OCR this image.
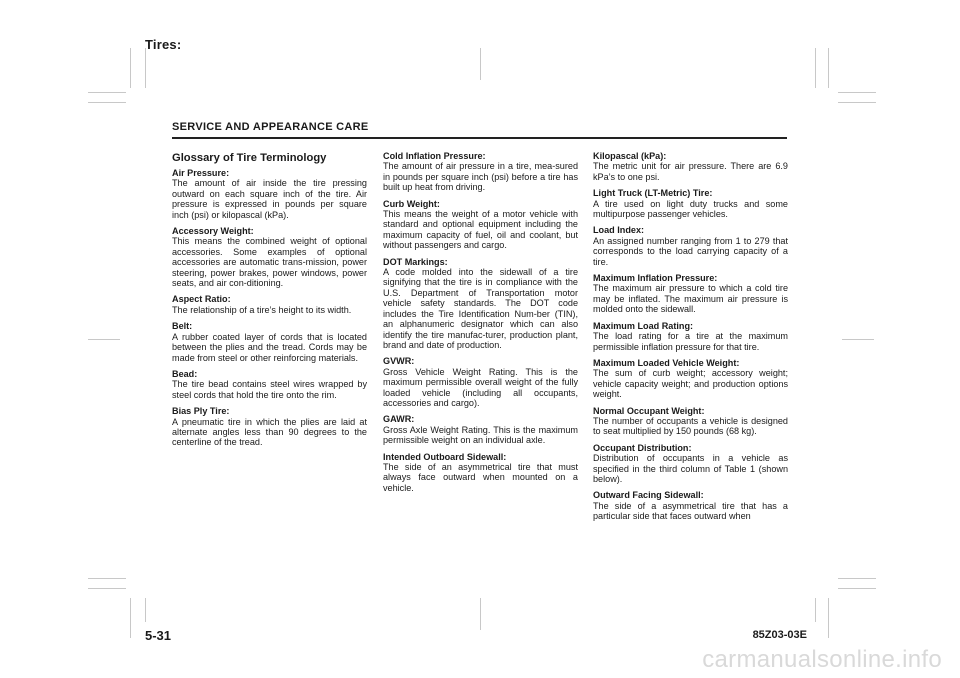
Tires:
SERVICE AND APPEARANCE CARE
Glossary of Tire Terminology
Air Pressure:
The amount of air inside the tire pressing outward on each square inch of the tire. Air pressure is expressed in pounds per square inch (psi) or kilopascal (kPa).
Accessory Weight:
This means the combined weight of optional accessories. Some examples of optional accessories are automatic trans-mission, power steering, power brakes, power windows, power seats, and air con-ditioning.
Aspect Ratio:
The relationship of a tire’s height to its width.
Belt:
A rubber coated layer of cords that is located between the plies and the tread. Cords may be made from steel or other reinforcing materials.
Bead:
The tire bead contains steel wires wrapped by steel cords that hold the tire onto the rim.
Bias Ply Tire:
A pneumatic tire in which the plies are laid at alternate angles less than 90 degrees to the centerline of the tread.
Cold Inflation Pressure:
The amount of air pressure in a tire, mea-sured in pounds per square inch (psi) before a tire has built up heat from driving.
Curb Weight:
This means the weight of a motor vehicle with standard and optional equipment including the maximum capacity of fuel, oil and coolant, but without passengers and cargo.
DOT Markings:
A code molded into the sidewall of a tire signifying that the tire is in compliance with the U.S. Department of Transportation motor vehicle safety standards. The DOT code includes the Tire Identification Num-ber (TIN), an alphanumeric designator which can also identify the tire manufac-turer, production plant, brand and date of production.
GVWR:
Gross Vehicle Weight Rating. This is the maximum permissible overall weight of the fully loaded vehicle (including all occupants, accessories and cargo).
GAWR:
Gross Axle Weight Rating. This is the maximum permissible weight on an individual axle.
Intended Outboard Sidewall:
The side of an asymmetrical tire that must always face outward when mounted on a vehicle.
Kilopascal (kPa):
The metric unit for air pressure. There are 6.9 kPa’s to one psi.
Light Truck (LT-Metric) Tire:
A tire used on light duty trucks and some multipurpose passenger vehicles.
Load Index:
An assigned number ranging from 1 to 279 that corresponds to the load carrying capacity of a tire.
Maximum Inflation Pressure:
The maximum air pressure to which a cold tire may be inflated. The maximum air pressure is molded onto the sidewall.
Maximum Load Rating:
The load rating for a tire at the maximum permissible inflation pressure for that tire.
Maximum Loaded Vehicle Weight:
The sum of curb weight; accessory weight; vehicle capacity weight; and production options weight.
Normal Occupant Weight:
The number of occupants a vehicle is designed to seat multiplied by 150 pounds (68 kg).
Occupant Distribution:
Distribution of occupants in a vehicle as specified in the third column of Table 1 (shown below).
Outward Facing Sidewall:
The side of a asymmetrical tire that has a particular side that faces outward when
5-31	85Z03-03E
carmanualsonline.info
